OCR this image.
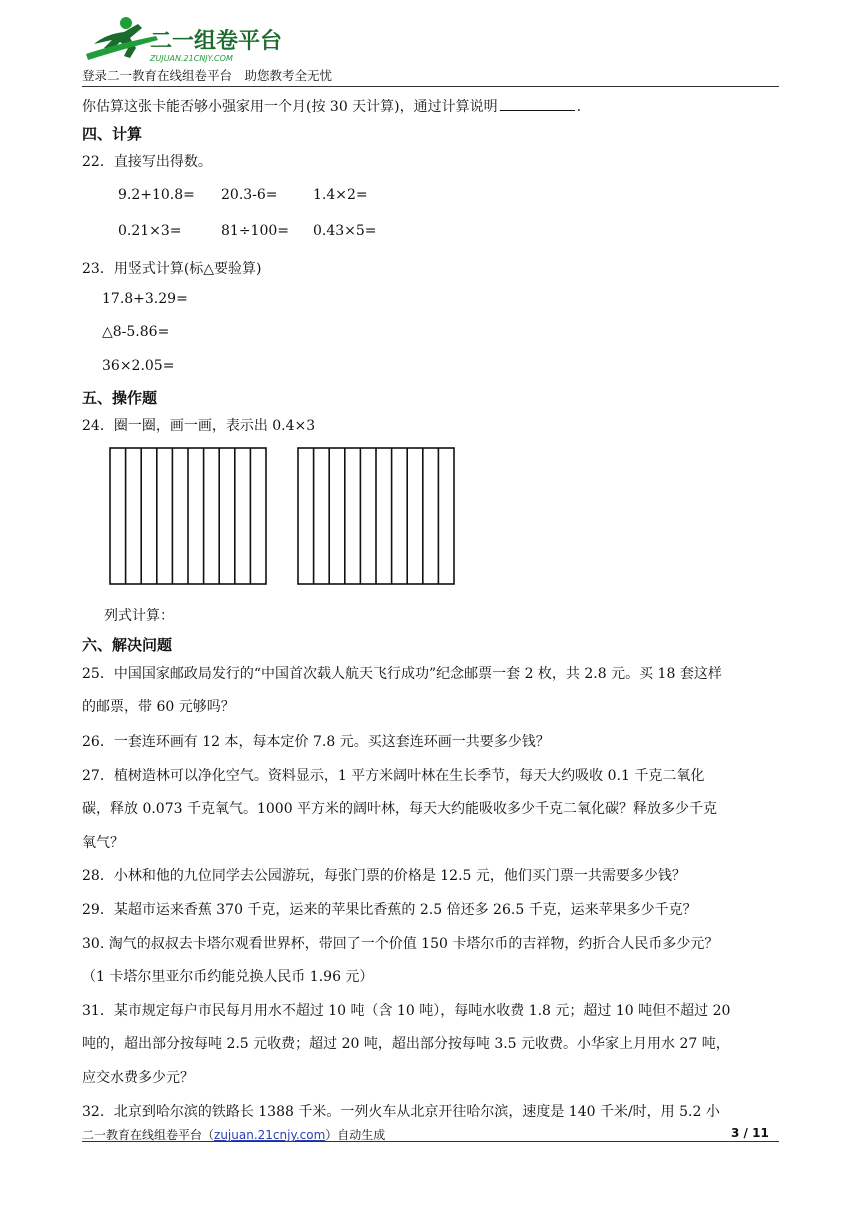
二一组卷平台
ZUJUAN.21CNJY.COM
登录二一教育在线组卷平台　助您教考全无忧
你估算这张卡能否够小强家用一个月(按 30 天计算)，通过计算说明	.
四、计算
22．直接写出得数。
9.2+10.8= 20.3-6=	1.4×2=
0.21×3=	81÷100= 0.43×5=
23．用竖式计算(标△要验算)
17.8+3.29=
△8-5.86=
36×2.05=
五、操作题
24．圈一圈，画一画，表示出 0.4×3
列式计算：
六、解决问题
25．中国国家邮政局发行的“中国首次载人航天飞行成功”纪念邮票一套 2 枚，共 2.8 元。买 18 套这样
的邮票，带 60 元够吗？
26．一套连环画有 12 本，每本定价 7.8 元。买这套连环画一共要多少钱？
27．植树造林可以净化空气。资料显示，1 平方米阔叶林在生长季节，每天大约吸收 0.1 千克二氧化
碳，释放 0.073 千克氧气。1000 平方米的阔叶林，每天大约能吸收多少千克二氧化碳？释放多少千克
氧气？
28．小林和他的九位同学去公园游玩，每张门票的价格是 12.5 元，他们买门票一共需要多少钱？
29．某超市运来香蕉 370 千克，运来的苹果比香蕉的 2.5 倍还多 26.5 千克，运来苹果多少千克？
30. 淘气的叔叔去卡塔尔观看世界杯，带回了一个价值 150 卡塔尔币的吉祥物，约折合人民币多少元？
（1 卡塔尔里亚尔币约能兑换人民币 1.96 元）
31．某市规定每户市民每月用水不超过 10 吨（含 10 吨），每吨水收费 1.8 元；超过 10 吨但不超过 20
吨的，超出部分按每吨 2.5 元收费；超过 20 吨，超出部分按每吨 3.5 元收费。小华家上月用水 27 吨，
应交水费多少元？
32．北京到哈尔滨的铁路长 1388 千米。一列火车从北京开往哈尔滨，速度是 140 千米/时，用 5.2 小
二一教育在线组卷平台（zujuan.21cnjy.com）自动生成	3 / 11
